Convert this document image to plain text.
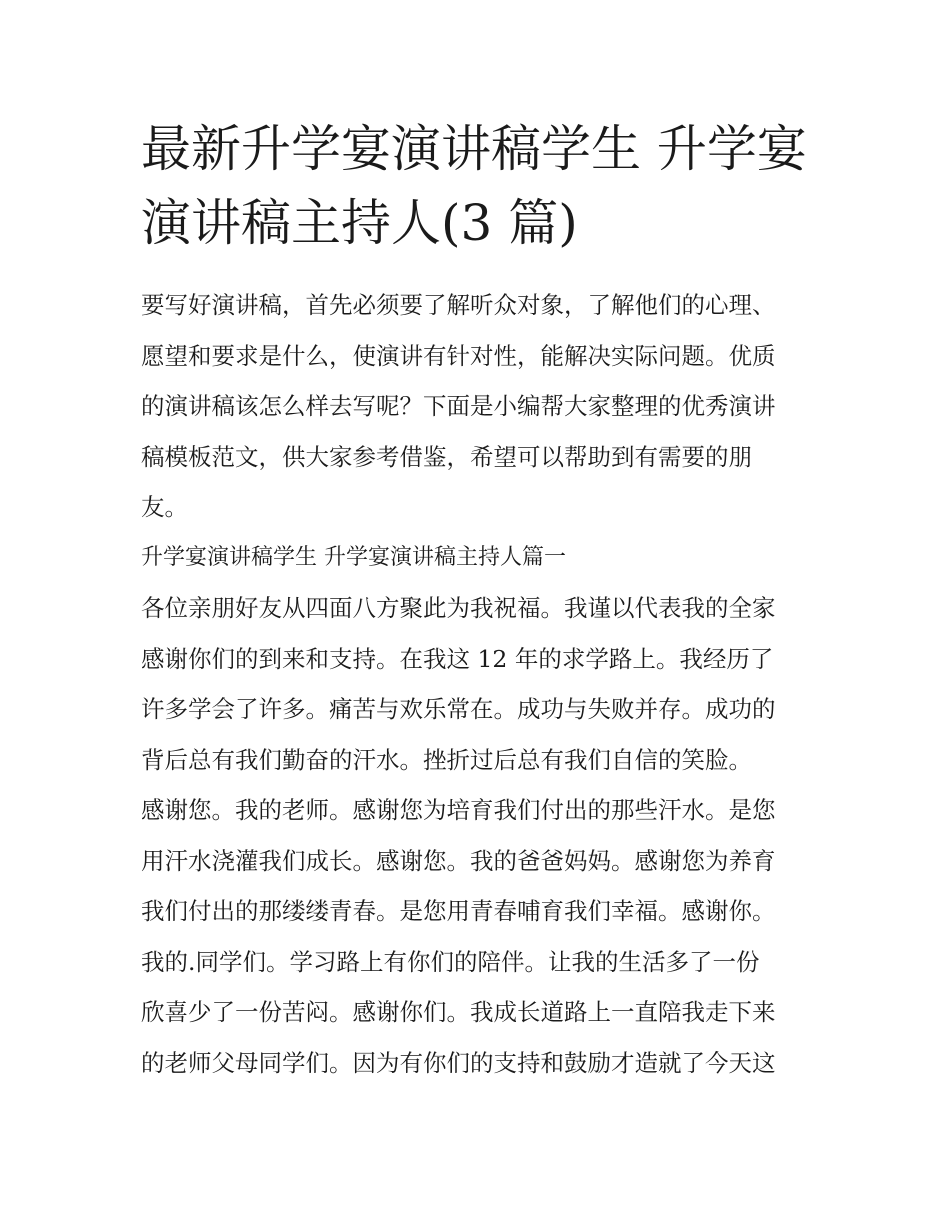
最新升学宴演讲稿学生 升学宴演讲稿主持人(3 篇)
要写好演讲稿，首先必须要了解听众对象，了解他们的心理、
愿望和要求是什么，使演讲有针对性，能解决实际问题。优质
的演讲稿该怎么样去写呢？下面是小编帮大家整理的优秀演讲
稿模板范文，供大家参考借鉴，希望可以帮助到有需要的朋
友。
升学宴演讲稿学生 升学宴演讲稿主持人篇一
各位亲朋好友从四面八方聚此为我祝福。我谨以代表我的全家
感谢你们的到来和支持。在我这 12 年的求学路上。我经历了
许多学会了许多。痛苦与欢乐常在。成功与失败并存。成功的
背后总有我们勤奋的汗水。挫折过后总有我们自信的笑脸。
感谢您。我的老师。感谢您为培育我们付出的那些汗水。是您
用汗水浇灌我们成长。感谢您。我的爸爸妈妈。感谢您为养育
我们付出的那缕缕青春。是您用青春哺育我们幸福。感谢你。
我的.同学们。学习路上有你们的陪伴。让我的生活多了一份
欣喜少了一份苦闷。感谢你们。我成长道路上一直陪我走下来
的老师父母同学们。因为有你们的支持和鼓励才造就了今天这
